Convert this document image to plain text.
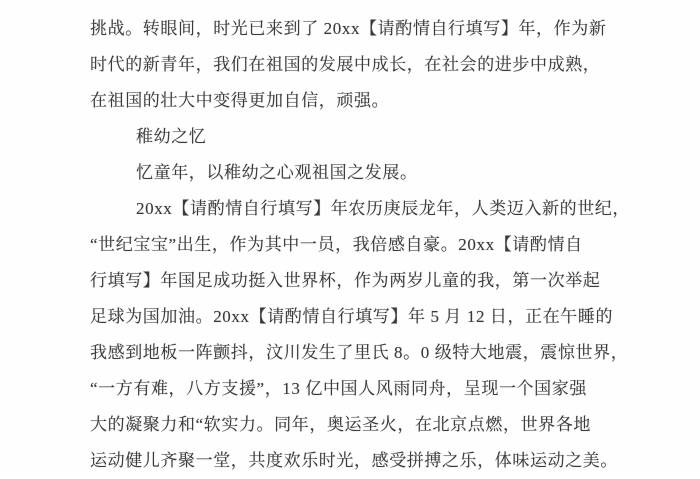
挑战。转眼间，时光已来到了 20xx【请酌情自行填写】年，作为新
时代的新青年，我们在祖国的发展中成长，在社会的进步中成熟，
在祖国的壮大中变得更加自信，顽强。
稚幼之忆
忆童年，以稚幼之心观祖国之发展。
20xx【请酌情自行填写】年农历庚辰龙年，人类迈入新的世纪，
“世纪宝宝”出生，作为其中一员，我倍感自豪。20xx【请酌情自
行填写】年国足成功挺入世界杯，作为两岁儿童的我，第一次举起
足球为国加油。20xx【请酌情自行填写】年 5 月 12 日，正在午睡的
我感到地板一阵颤抖，汶川发生了里氏 8。0 级特大地震，震惊世界，
“一方有难，八方支援”，13 亿中国人风雨同舟，呈现一个国家强
大的凝聚力和“软实力。同年，奥运圣火，在北京点燃，世界各地
运动健儿齐聚一堂，共度欢乐时光，感受拼搏之乐，体味运动之美。
